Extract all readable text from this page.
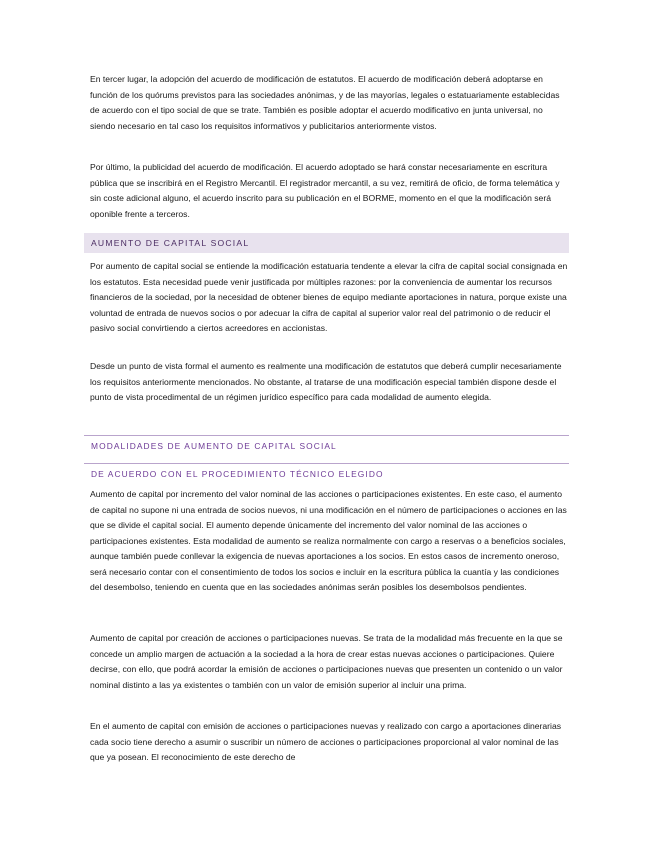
En tercer lugar, la adopción del acuerdo de modificación de estatutos. El acuerdo de modificación deberá adoptarse en función de los quórums previstos para las sociedades anónimas, y de las mayorías, legales o estatuariamente establecidas de acuerdo con el tipo social de que se trate. También es posible adoptar el acuerdo modificativo en junta universal, no siendo necesario en tal caso los requisitos informativos y publicitarios anteriormente vistos.

Por último, la publicidad del acuerdo de modificación. El acuerdo adoptado se hará constar necesariamente en escritura pública que se inscribirá en el Registro Mercantil. El registrador mercantil, a su vez, remitirá de oficio, de forma telemática y sin coste adicional alguno, el acuerdo inscrito para su publicación en el BORME, momento en el que la modificación será oponible frente a terceros.

AUMENTO DE CAPITAL SOCIAL

Por aumento de capital social se entiende la modificación estatuaria tendente a elevar la cifra de capital social consignada en los estatutos. Esta necesidad puede venir justificada por múltiples razones: por la conveniencia de aumentar los recursos financieros de la sociedad, por la necesidad de obtener bienes de equipo mediante aportaciones in natura, porque existe una voluntad de entrada de nuevos socios o por adecuar la cifra de capital al superior valor real del patrimonio o de reducir el pasivo social convirtiendo a ciertos acreedores en accionistas.

Desde un punto de vista formal el aumento es realmente una modificación de estatutos que deberá cumplir necesariamente los requisitos anteriormente mencionados. No obstante, al tratarse de una modificación especial también dispone desde el punto de vista procedimental de un régimen jurídico específico para cada modalidad de aumento elegida.

MODALIDADES DE AUMENTO DE CAPITAL SOCIAL
DE ACUERDO CON EL PROCEDIMIENTO TÉCNICO ELEGIDO

Aumento de capital por incremento del valor nominal de las acciones o participaciones existentes. En este caso, el aumento de capital no supone ni una entrada de socios nuevos, ni una modificación en el número de participaciones o acciones en las que se divide el capital social. El aumento depende únicamente del incremento del valor nominal de las acciones o participaciones existentes. Esta modalidad de aumento se realiza normalmente con cargo a reservas o a beneficios sociales, aunque también puede conllevar la exigencia de nuevas aportaciones a los socios. En estos casos de incremento oneroso, será necesario contar con el consentimiento de todos los socios e incluir en la escritura pública la cuantía y las condiciones del desembolso, teniendo en cuenta que en las sociedades anónimas serán posibles los desembolsos pendientes.

Aumento de capital por creación de acciones o participaciones nuevas. Se trata de la modalidad más frecuente en la que se concede un amplio margen de actuación a la sociedad a la hora de crear estas nuevas acciones o participaciones. Quiere decirse, con ello, que podrá acordar la emisión de acciones o participaciones nuevas que presenten un contenido o un valor nominal distinto a las ya existentes o también con un valor de emisión superior al incluir una prima.

En el aumento de capital con emisión de acciones o participaciones nuevas y realizado con cargo a aportaciones dinerarias cada socio tiene derecho a asumir o suscribir un número de acciones o participaciones proporcional al valor nominal de las que ya posean. El reconocimiento de este derecho de
